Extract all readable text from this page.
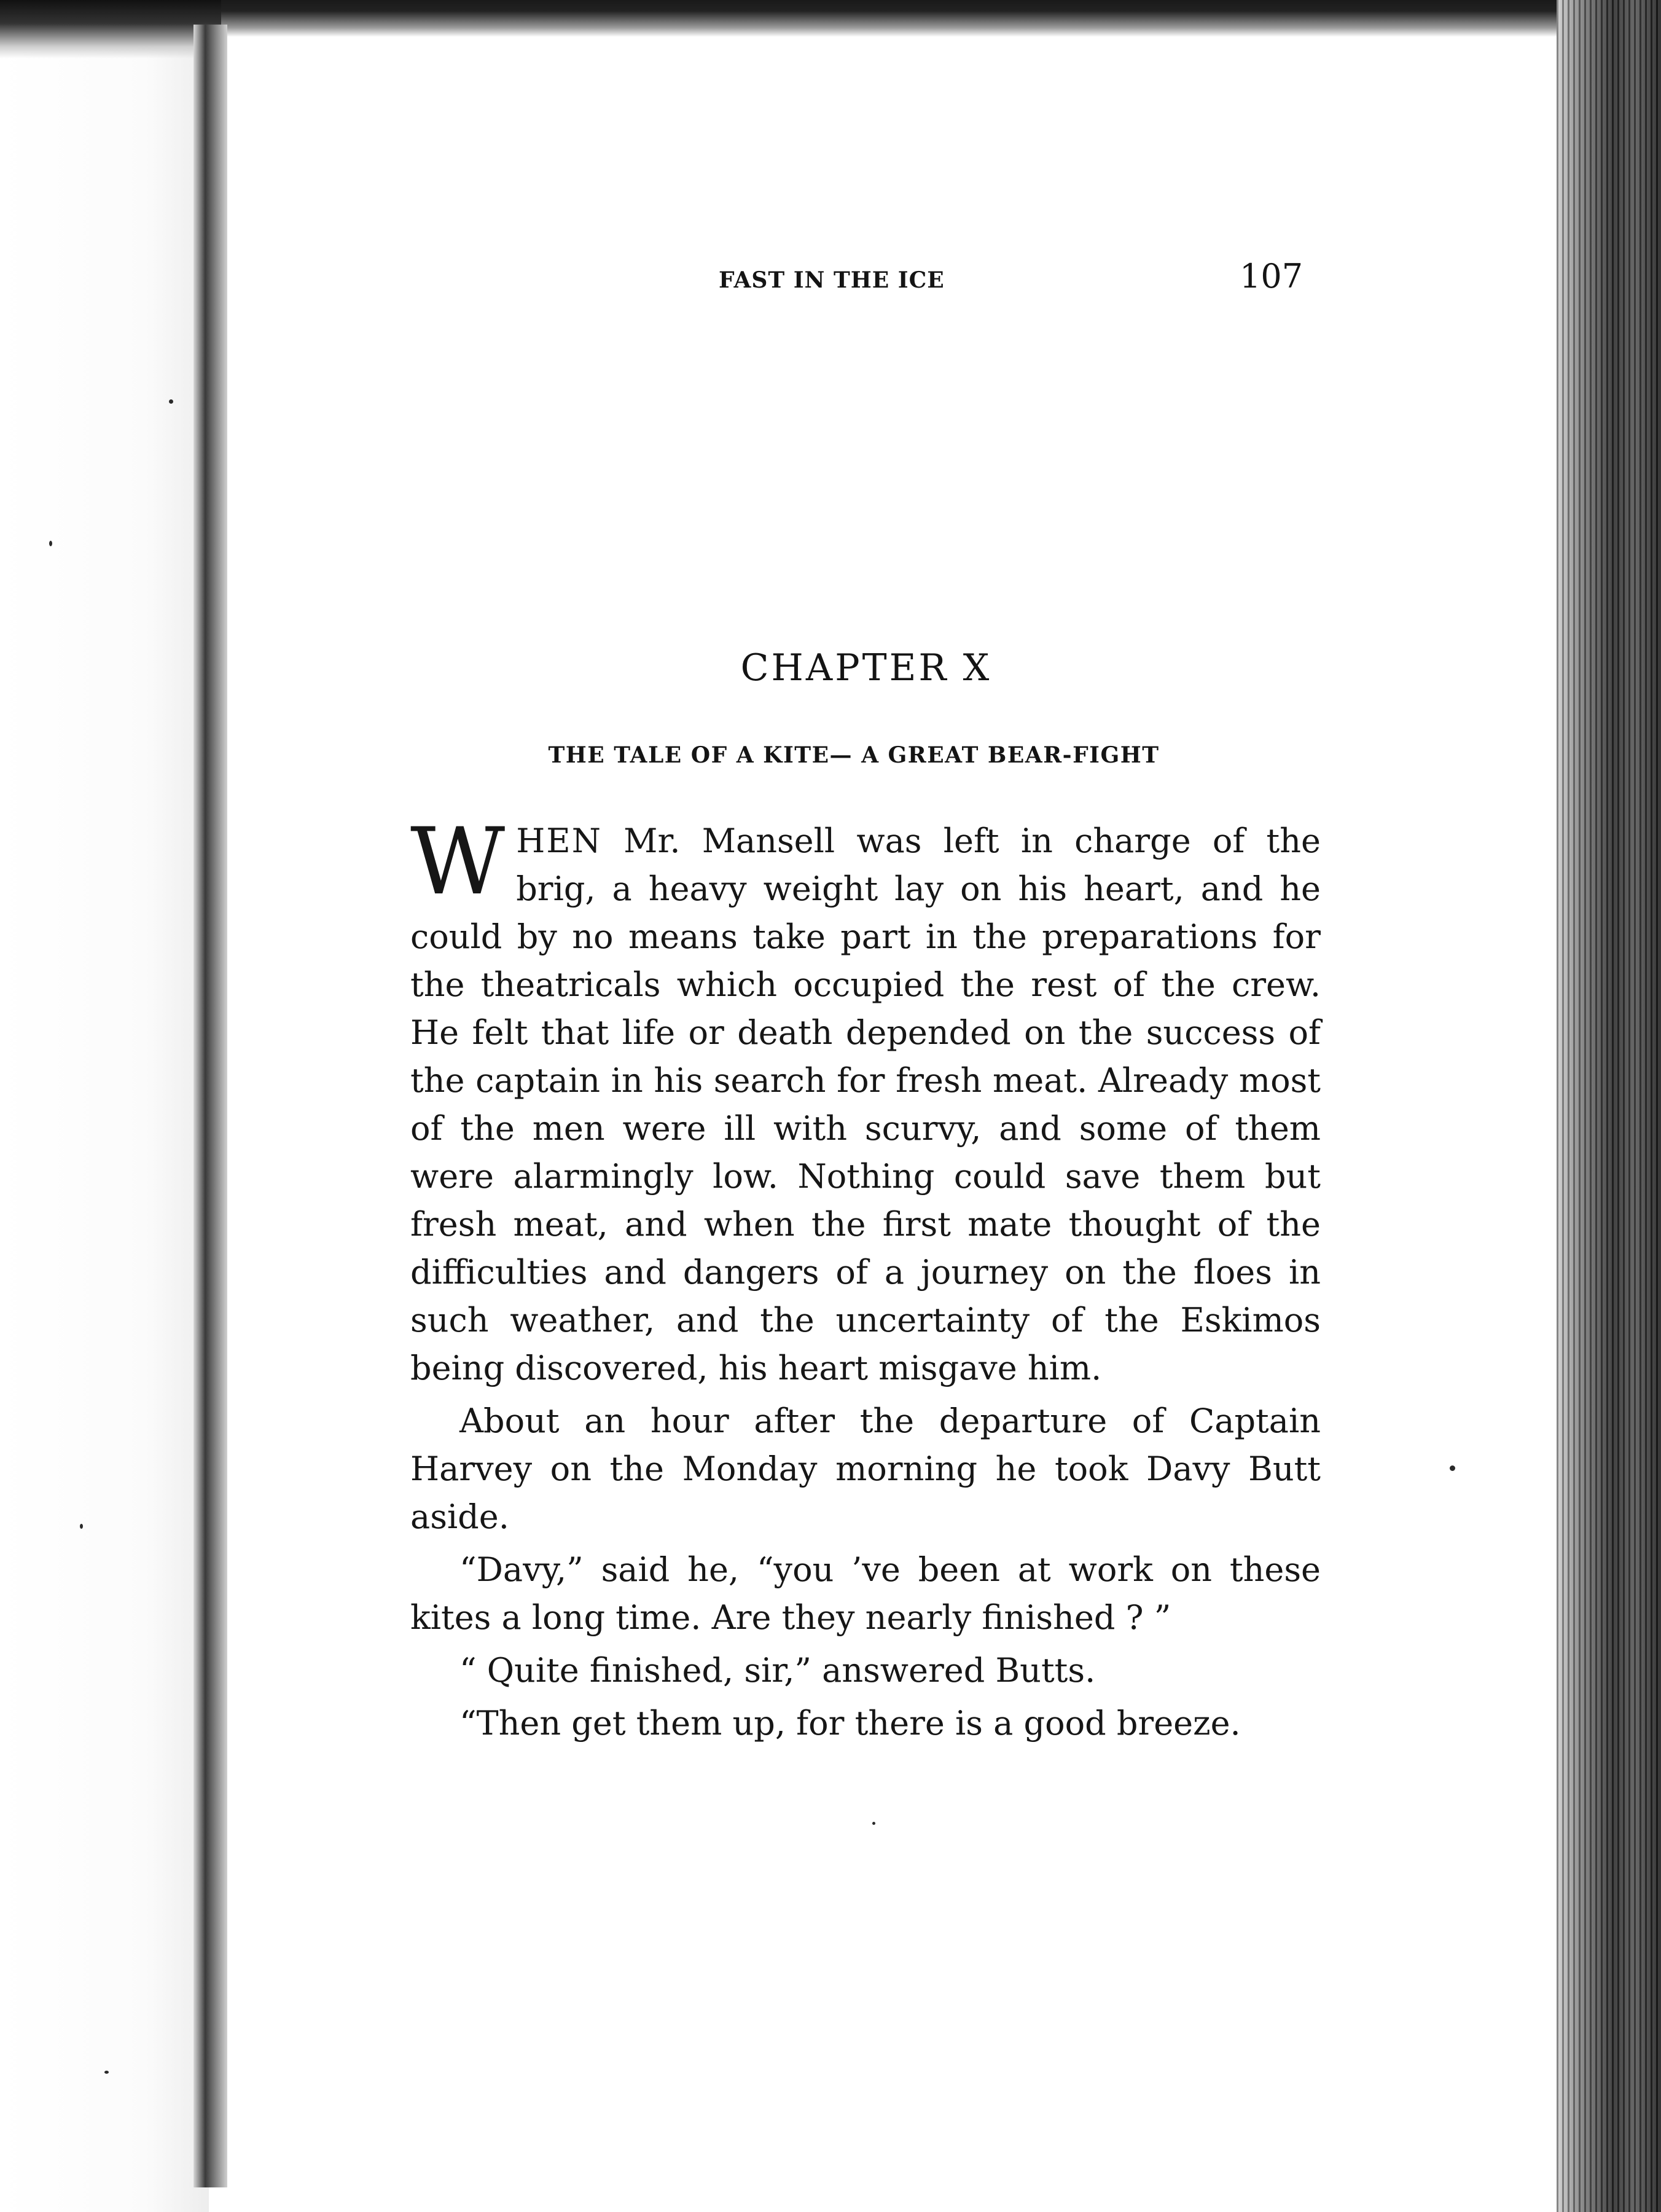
FAST IN THE ICE	107
CHAPTER X
THE TALE OF A KITE— A GREAT BEAR-FIGHT

WHEN Mr. Mansell was left in charge of the brig, a heavy weight lay on his heart, and he could by no means take part in the preparations for the theatricals which occupied the rest of the crew. He felt that life or death depended on the success of the captain in his search for fresh meat. Already most of the men were ill with scurvy, and some of them were alarmingly low. Nothing could save them but fresh meat, and when the first mate thought of the difficulties and dangers of a journey on the floes in such weather, and the uncertainty of the Eskimos being discovered, his heart misgave him.

About an hour after the departure of Captain Harvey on the Monday morning he took Davy Butt aside.

“Davy,” said he, “you ’ve been at work on these kites a long time. Are they nearly finished ? ”

“ Quite finished, sir,” answered Butts.

“Then get them up, for there is a good breeze.
